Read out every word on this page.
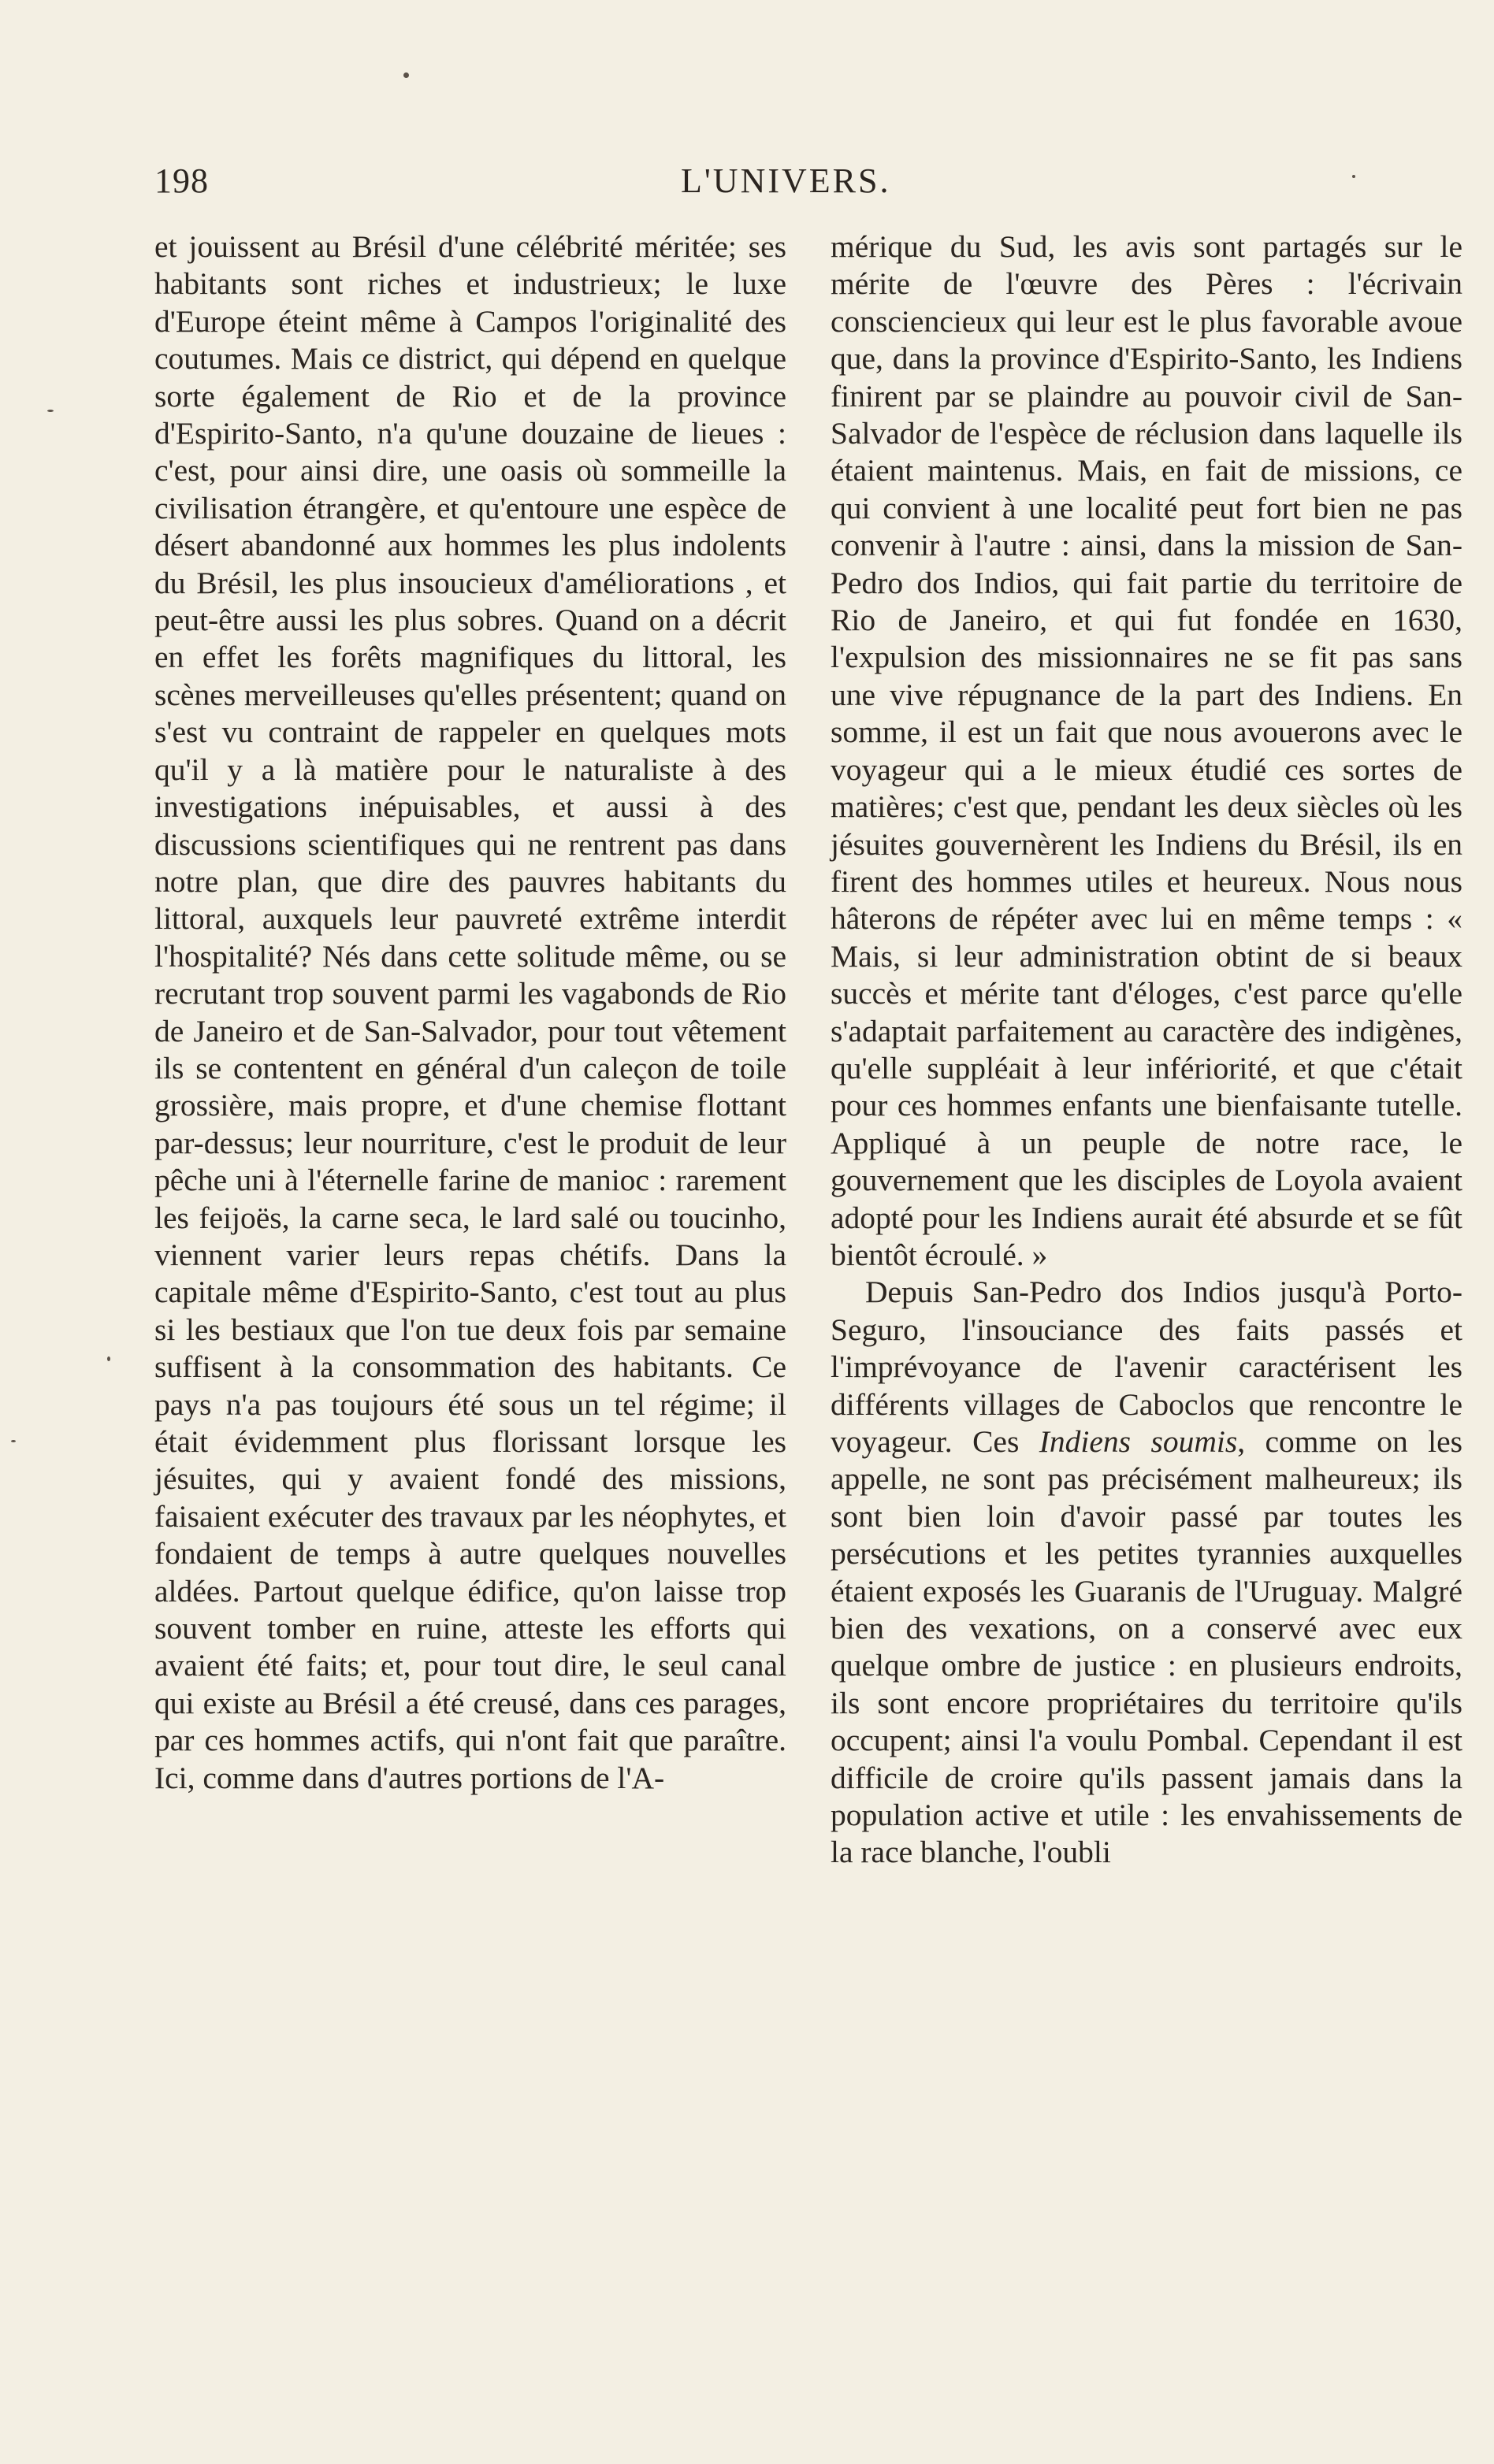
198	L'UNIVERS.

et jouissent au Brésil d'une célébrité méritée; ses habitants sont riches et industrieux; le luxe d'Europe éteint même à Campos l'originalité des coutumes. Mais ce district, qui dépend en quelque sorte également de Rio et de la province d'Espirito-Santo, n'a qu'une douzaine de lieues : c'est, pour ainsi dire, une oasis où sommeille la civilisation étrangère, et qu'entoure une espèce de désert abandonné aux hommes les plus indolents du Brésil, les plus insoucieux d'améliorations , et peut-être aussi les plus sobres. Quand on a décrit en effet les forêts magnifiques du littoral, les scènes merveilleuses qu'elles présentent; quand on s'est vu contraint de rappeler en quelques mots qu'il y a là matière pour le naturaliste à des investigations inépuisables, et aussi à des discussions scientifiques qui ne rentrent pas dans notre plan, que dire des pauvres habitants du littoral, auxquels leur pauvreté extrême interdit l'hospitalité? Nés dans cette solitude même, ou se recrutant trop souvent parmi les vagabonds de Rio de Janeiro et de San-Salvador, pour tout vêtement ils se contentent en général d'un caleçon de toile grossière, mais propre, et d'une chemise flottant par-dessus; leur nourriture, c'est le produit de leur pêche uni à l'éternelle farine de manioc : rarement les feijoës, la carne seca, le lard salé ou toucinho, viennent varier leurs repas chétifs. Dans la capitale même d'Espirito-Santo, c'est tout au plus si les bestiaux que l'on tue deux fois par semaine suffisent à la consommation des habitants. Ce pays n'a pas toujours été sous un tel régime; il était évidemment plus florissant lorsque les jésuites, qui y avaient fondé des missions, faisaient exécuter des travaux par les néophytes, et fondaient de temps à autre quelques nouvelles aldées. Partout quelque édifice, qu'on laisse trop souvent tomber en ruine, atteste les efforts qui avaient été faits; et, pour tout dire, le seul canal qui existe au Brésil a été creusé, dans ces parages, par ces hommes actifs, qui n'ont fait que paraître. Ici, comme dans d'autres portions de l'A-

mérique du Sud, les avis sont partagés sur le mérite de l'œuvre des Pères : l'écrivain consciencieux qui leur est le plus favorable avoue que, dans la province d'Espirito-Santo, les Indiens finirent par se plaindre au pouvoir civil de San-Salvador de l'espèce de réclusion dans laquelle ils étaient maintenus. Mais, en fait de missions, ce qui convient à une localité peut fort bien ne pas convenir à l'autre : ainsi, dans la mission de San-Pedro dos Indios, qui fait partie du territoire de Rio de Janeiro, et qui fut fondée en 1630, l'expulsion des missionnaires ne se fit pas sans une vive répugnance de la part des Indiens. En somme, il est un fait que nous avouerons avec le voyageur qui a le mieux étudié ces sortes de matières; c'est que, pendant les deux siècles où les jésuites gouvernèrent les Indiens du Brésil, ils en firent des hommes utiles et heureux. Nous nous hâterons de répéter avec lui en même temps : « Mais, si leur administration obtint de si beaux succès et mérite tant d'éloges, c'est parce qu'elle s'adaptait parfaitement au caractère des indigènes, qu'elle suppléait à leur infériorité, et que c'était pour ces hommes enfants une bienfaisante tutelle. Appliqué à un peuple de notre race, le gouvernement que les disciples de Loyola avaient adopté pour les Indiens aurait été absurde et se fût bientôt écroulé. »

Depuis San-Pedro dos Indios jusqu'à Porto-Seguro, l'insouciance des faits passés et l'imprévoyance de l'avenir caractérisent les différents villages de Caboclos que rencontre le voyageur. Ces Indiens soumis, comme on les appelle, ne sont pas précisément malheureux; ils sont bien loin d'avoir passé par toutes les persécutions et les petites tyrannies auxquelles étaient exposés les Guaranis de l'Uruguay. Malgré bien des vexations, on a conservé avec eux quelque ombre de justice : en plusieurs endroits, ils sont encore propriétaires du territoire qu'ils occupent; ainsi l'a voulu Pombal. Cependant il est difficile de croire qu'ils passent jamais dans la population active et utile : les envahissements de la race blanche, l'oubli
